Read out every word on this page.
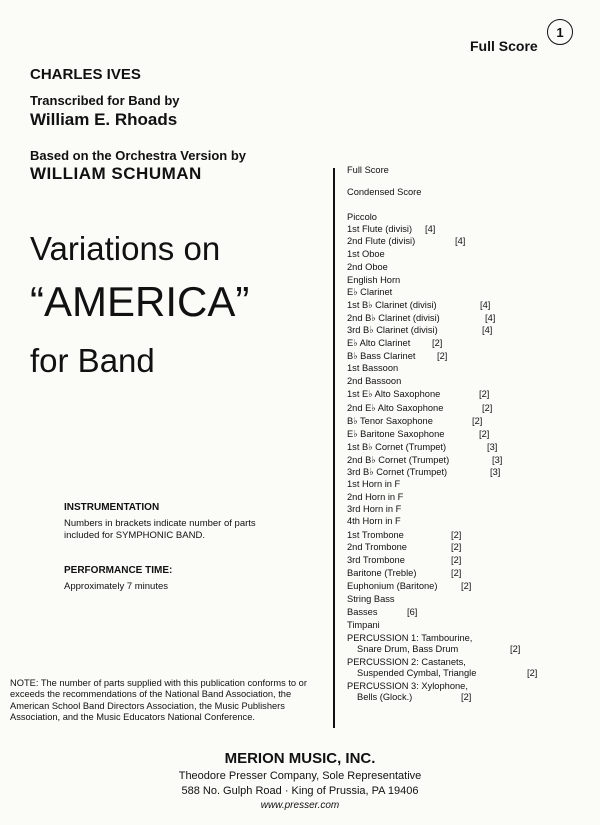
Full Score
1
CHARLES IVES
Transcribed for Band by
William E. Rhoads
Based on the Orchestra Version by
WILLIAM SCHUMAN
Variations on
“AMERICA”
for Band
INSTRUMENTATION
Numbers in brackets indicate number of parts included for SYMPHONIC BAND.
PERFORMANCE TIME:
Approximately 7 minutes
NOTE: The number of parts supplied with this publication conforms to or exceeds the recommendations of the National Band Association, the American School Band Directors Association, the Music Publishers Association, and the Music Educators National Conference.
Full Score
Condensed Score
Piccolo
1st Flute (divisi) [4]
2nd Flute (divisi)	[4]
1st Oboe
2nd Oboe
English Horn
E♭ Clarinet
1st B♭ Clarinet (divisi)	[4]
2nd B♭ Clarinet (divisi)	[4]
3rd B♭ Clarinet (divisi)	[4]
E♭ Alto Clarinet [2]
B♭ Bass Clarinet [2]
1st Bassoon
2nd Bassoon
1st E♭ Alto Saxophone	[2]
2nd E♭ Alto Saxophone	[2]
B♭ Tenor Saxophone	[2]
E♭ Baritone Saxophone	[2]
1st B♭ Cornet (Trumpet)	[3]
2nd B♭ Cornet (Trumpet)	[3]
3rd B♭ Cornet (Trumpet)	[3]
1st Horn in F
2nd Horn in F
3rd Horn in F
4th Horn in F
1st Trombone	[2]
2nd Trombone	[2]
3rd Trombone	[2]
Baritone (Treble)	[2]
Euphonium (Baritone)	[2]
String Bass
Basses	[6]
Timpani
PERCUSSION 1: Tambourine,
Snare Drum, Bass Drum	[2]
PERCUSSION 2: Castanets,
Suspended Cymbal, Triangle	[2]
PERCUSSION 3: Xylophone,
Bells (Glock.)	[2]
MERION MUSIC, INC.
Theodore Presser Company, Sole Representative
588 No. Gulph Road · King of Prussia, PA 19406
www.presser.com
